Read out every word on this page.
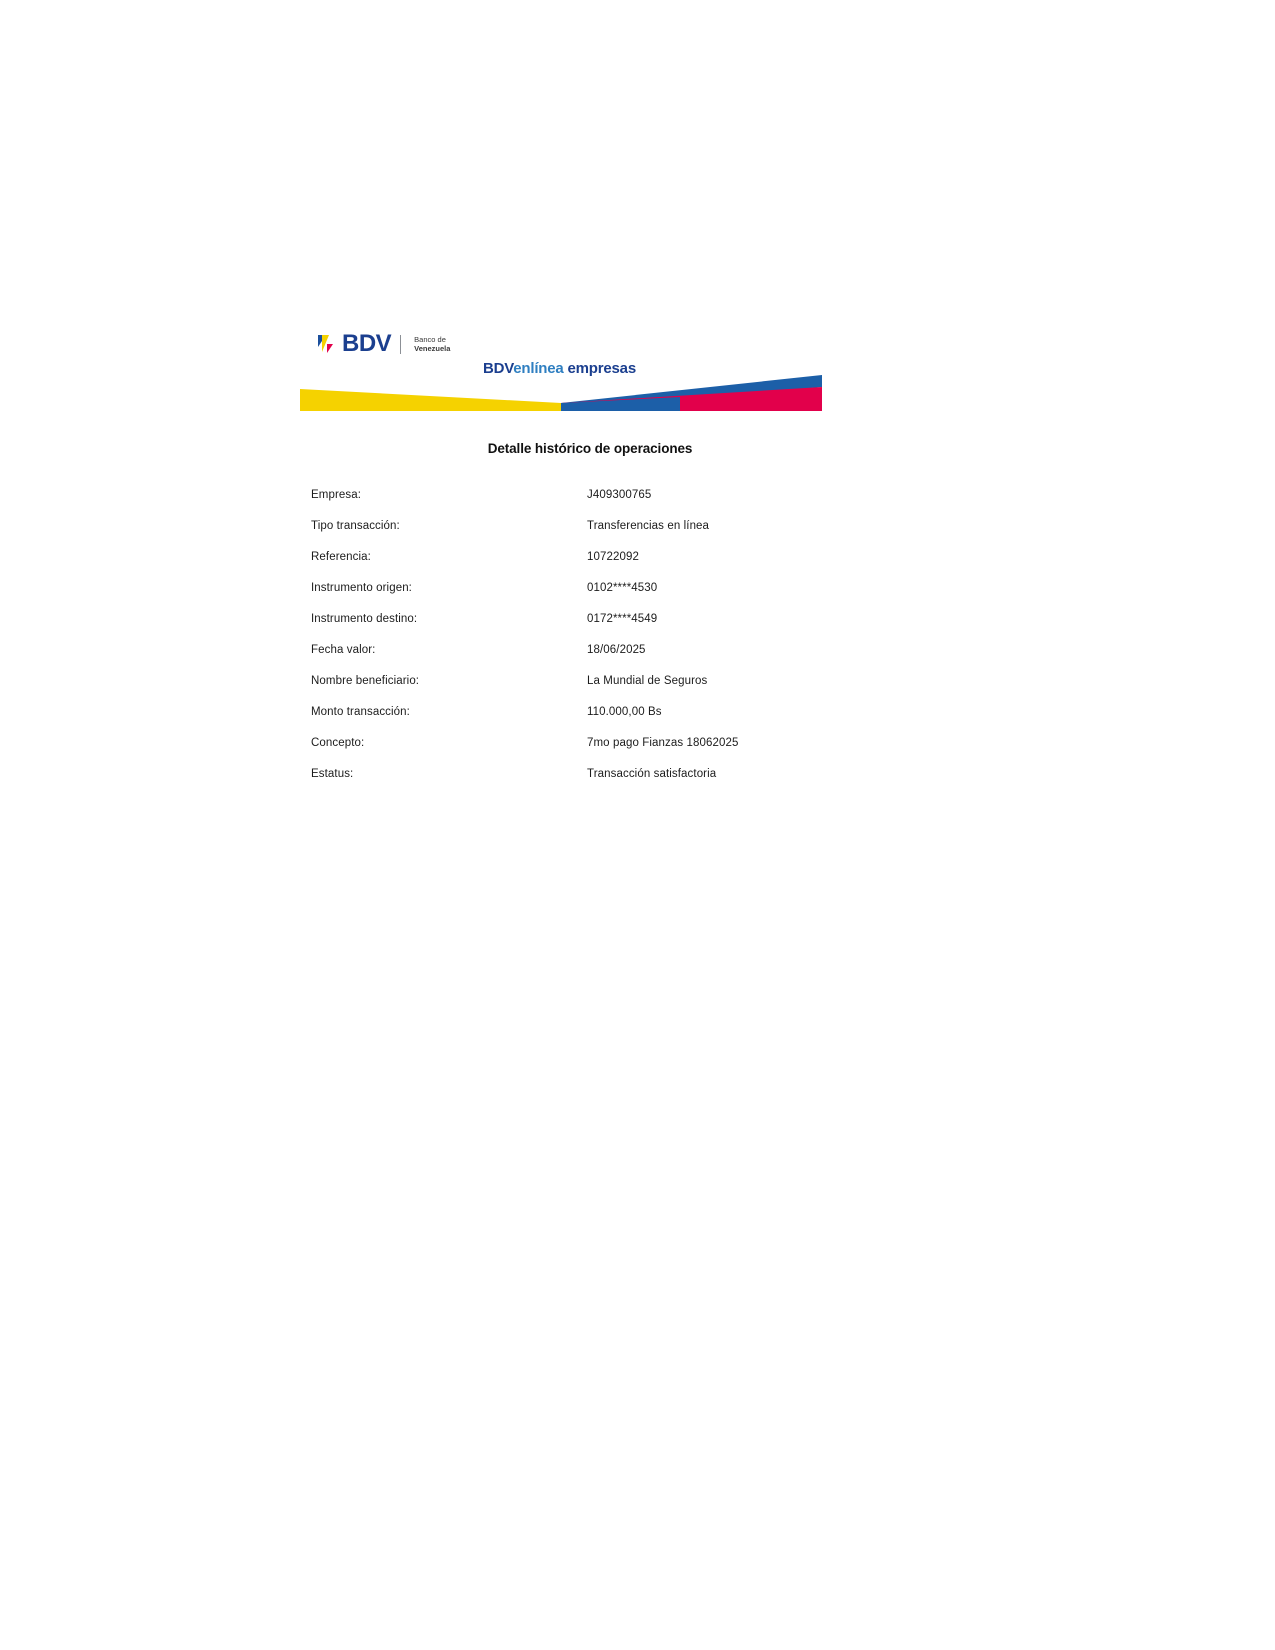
BDV	Banco de
Venezuela
BDVenlínea empresas
Detalle histórico de operaciones
Empresa:	J409300765
Tipo transacción:	Transferencias en línea
Referencia:	10722092
Instrumento origen:	0102****4530
Instrumento destino:	0172****4549
Fecha valor:	18/06/2025
Nombre beneficiario:	La Mundial de Seguros
Monto transacción:	110.000,00 Bs
Concepto:	7mo pago Fianzas 18062025
Estatus:	Transacción satisfactoria
